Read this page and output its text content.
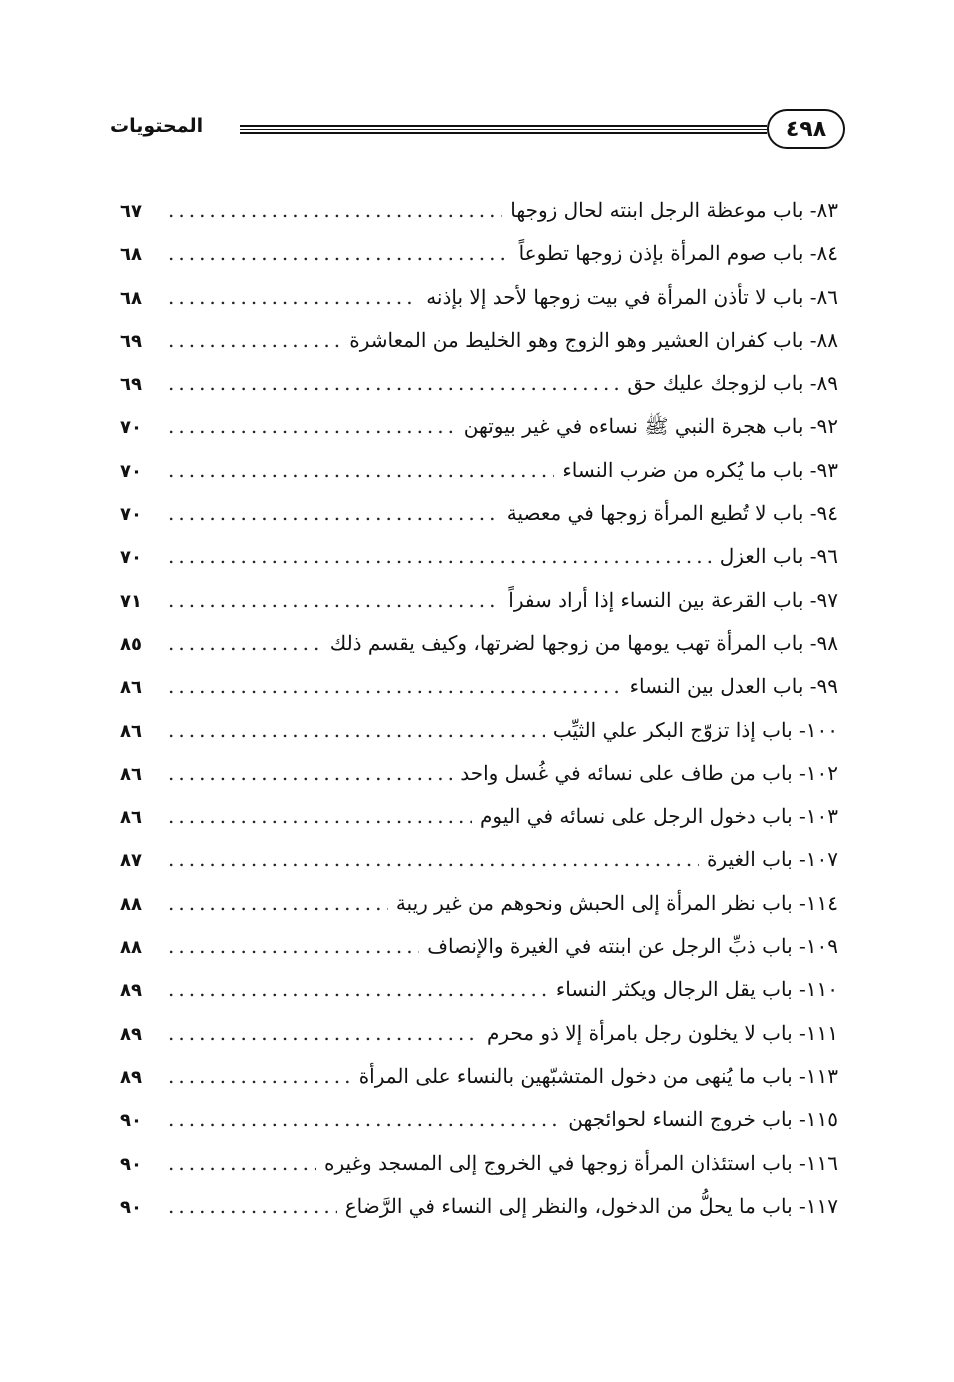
٤٩٨
المحتويات
٨٣- باب موعظة الرجل ابنته لحال زوجها
.....
٦٧
٨٤- باب صوم المرأة بإذن زوجها تطوعاً
.....
٦٨
٨٦- باب لا تأذن المرأة في بيت زوجها لأحد إلا بإذنه
.....
٦٨
٨٨- باب كفران العشير وهو الزوج وهو الخليط من المعاشرة
.....
٦٩
٨٩- باب لزوجك عليك حق
.....
٦٩
٩٢- باب هجرة النبي ﷺ نساءه في غير بيوتهن
.....
٧٠
٩٣- باب ما يُكره من ضرب النساء
.....
٧٠
٩٤- باب لا تُطيع المرأة زوجها في معصية
.....
٧٠
٩٦- باب العزل
.....
٧٠
٩٧- باب القرعة بين النساء إذا أراد سفراً
.....
٧١
٩٨- باب المرأة تهب يومها من زوجها لضرتها، وكيف يقسم ذلك
.....
٨٥
٩٩- باب العدل بين النساء
.....
٨٦
١٠٠- باب إذا تزوّج البكر علي الثيِّب
.....
٨٦
١٠٢- باب من طاف على نسائه في غُسل واحد
.....
٨٦
١٠٣- باب دخول الرجل على نسائه في اليوم
.....
٨٦
١٠٧- باب الغيرة
.....
٨٧
١١٤- باب نظر المرأة إلى الحبش ونحوهم من غير ريبة
.....
٨٨
١٠٩- باب ذبِّ الرجل عن ابنته في الغيرة والإنصاف
.....
٨٨
١١٠- باب يقل الرجال ويكثر النساء
.....
٨٩
١١١- باب لا يخلون رجل بامرأة إلا ذو محرم
.....
٨٩
١١٣- باب ما يُنهى من دخول المتشبّهين بالنساء على المرأة
.....
٨٩
١١٥- باب خروج النساء لحوائجهن
.....
٩٠
١١٦- باب استئذان المرأة زوجها في الخروج إلى المسجد وغيره
.....
٩٠
١١٧- باب ما يحلُّ من الدخول، والنظر إلى النساء في الرَّضاع
.....
٩٠
